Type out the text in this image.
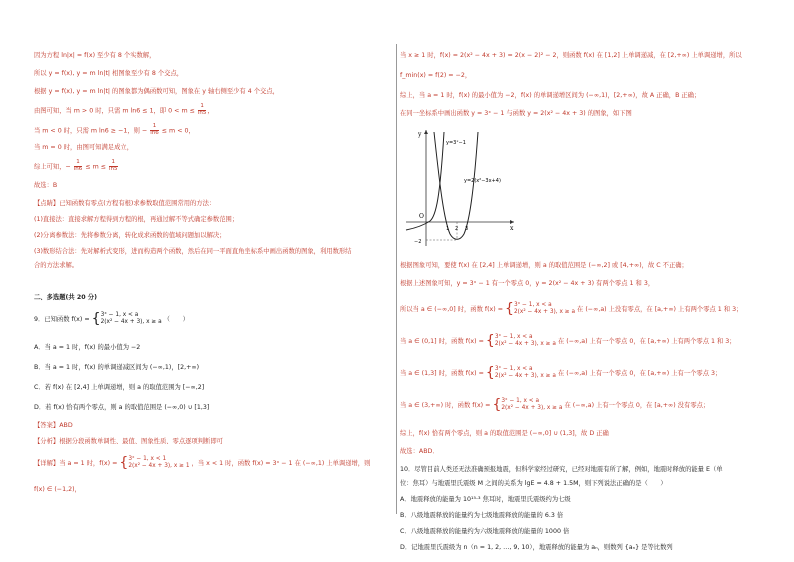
因为方程 ln|x| = f(x) 至少有 8 个实数解，
所以 y = f(x), y = m ln|t| 相图象至少有 8 个交点，
根据 y = f(x), y = m ln|t| 的图象都为偶函数可知，图象在 y 轴右侧至少有 4 个交点，
由图可知，当 m > 0 时，只需 m ln6 ≤ 1，即 $0 < m \le \frac{1}{\ln 5}$ ，
当 m < 0 时，只需 m ln6 ≥ −1，则 − $\frac{1}{\ln 6} \le m < 0$，
当 m = 0 时，由图可知满足成立，
综上可知，− $\frac{1}{\ln 6} \le m \le \frac{1}{\ln 5}$
故选：B
【点睛】已知函数有零点(方程有根)求参数取值范围常用的方法：
(1)直接法：直接求解方程得到方程的根，再通过解不等式确定参数范围；
(2)分离参数法：先将参数分离，转化成求函数的值域问题加以解决；
(3)数形结合法：先对解析式变形，进而构造两个函数，然后在同一平面直角坐标系中画出函数的图象，利用数形结
合的方法求解。
二、多选题(共 20 分)
9．已知函数 f(x) = {3ˣ − 1, x < a
2(x² − 4x + 3), x ≥ a （　　）
A．当 a = 1 时，f(x) 的最小值为 −2
B．当 a = 1 时，f(x) 的单调递减区间为 (−∞,1)，[2,+∞)
C．若 f(x) 在 [2,4] 上单调递增，则 a 的取值范围为 [−∞,2]
D．若 f(x) 恰有两个零点，则 a 的取值范围是 (−∞,0) ∪ [1,3]
【答案】ABD
【分析】根据分段函数单调性、最值、图象性质、零点逐项判断即可
【详解】当 a = 1 时，f(x) = {3ˣ − 1, x < 1
2(x² − 4x + 3), x ≥ 1 ，当 x < 1 时，函数 f(x) = 3ˣ − 1 在 (−∞,1) 上单调递增，则
f(x) ∈ (−1,2)，
当 x ≥ 1 时，f(x) = 2(x² − 4x + 3) = 2(x − 2)² − 2，则函数 f(x) 在 [1,2] 上单调递减，在 [2,+∞) 上单调递增，所以
f_min(x) = f(2) = −2，
综上，当 a = 1 时，f(x) 的最小值为 −2，f(x) 的单调递增区间为 (−∞,1)，[2,+∞)，故 A 正确，B 正确；
在同一坐标系中画出函数 y = 3ˣ − 1 与函数 y = 2(x² − 4x + 3) 的图象，如下图
y
x
O
1 2 3
−2
y=3ˣ−1
y=2(x²−3x+4)
根据图象可知，要使 f(x) 在 [2,4] 上单调递增，则 a 的取值范围是 (−∞,2] 或 [4,+∞)，故 C 不正确；
根据上述图象可知，y = 3ˣ − 1 有一个零点 0，y = 2(x² − 4x + 3) 有两个零点 1 和 3，
所以当 a ∈ (−∞,0] 时，函数 f(x) = {3ˣ − 1, x < a
2(x² − 4x + 3), x ≥ a 在 (−∞,a) 上没有零点，在 [a,+∞) 上有两个零点 1 和 3；
当 a ∈ (0,1] 时，函数 f(x) = {3ˣ − 1, x < a
2(x² − 4x + 3), x ≥ a 在 (−∞,a) 上有一个零点 0，在 [a,+∞) 上有两个零点 1 和 3；
当 a ∈ (1,3] 时，函数 f(x) = {3ˣ − 1, x < a
2(x² − 4x + 3), x ≥ a 在 (−∞,a) 上有一个零点 0，在 [a,+∞) 上有一个零点 3；
当 a ∈ (3,+∞) 时，函数 f(x) = {3ˣ − 1, x < a
2(x² − 4x + 3), x ≥ a 在 (−∞,a) 上有一个零点 0，在 [a,+∞) 没有零点；
综上，f(x) 恰有两个零点，则 a 的取值范围是 (−∞,0] ∪ (1,3]，故 D 正确
故选：ABD．
10．尽管目前人类还无法准确预报地震，但科学家经过研究，已经对地震有所了解，例如，地震时释放的能量 E（单
位：焦耳）与地震里氏震级 M 之间的关系为 lgE = 4.8 + 1.5M，则下列说法正确的是（　　）
A．地震释放的能量为 10¹⁵·³ 焦耳时，地震里氏震级约为七级
B．八级地震释放的能量约为七级地震释放的能量的 6.3 倍
C．八级地震释放的能量约为六级地震释放的能量的 1000 倍
D．记地震里氏震级为 n（n = 1, 2, …, 9, 10），地震释放的能量为 aₙ，则数列 {aₙ} 是等比数列
